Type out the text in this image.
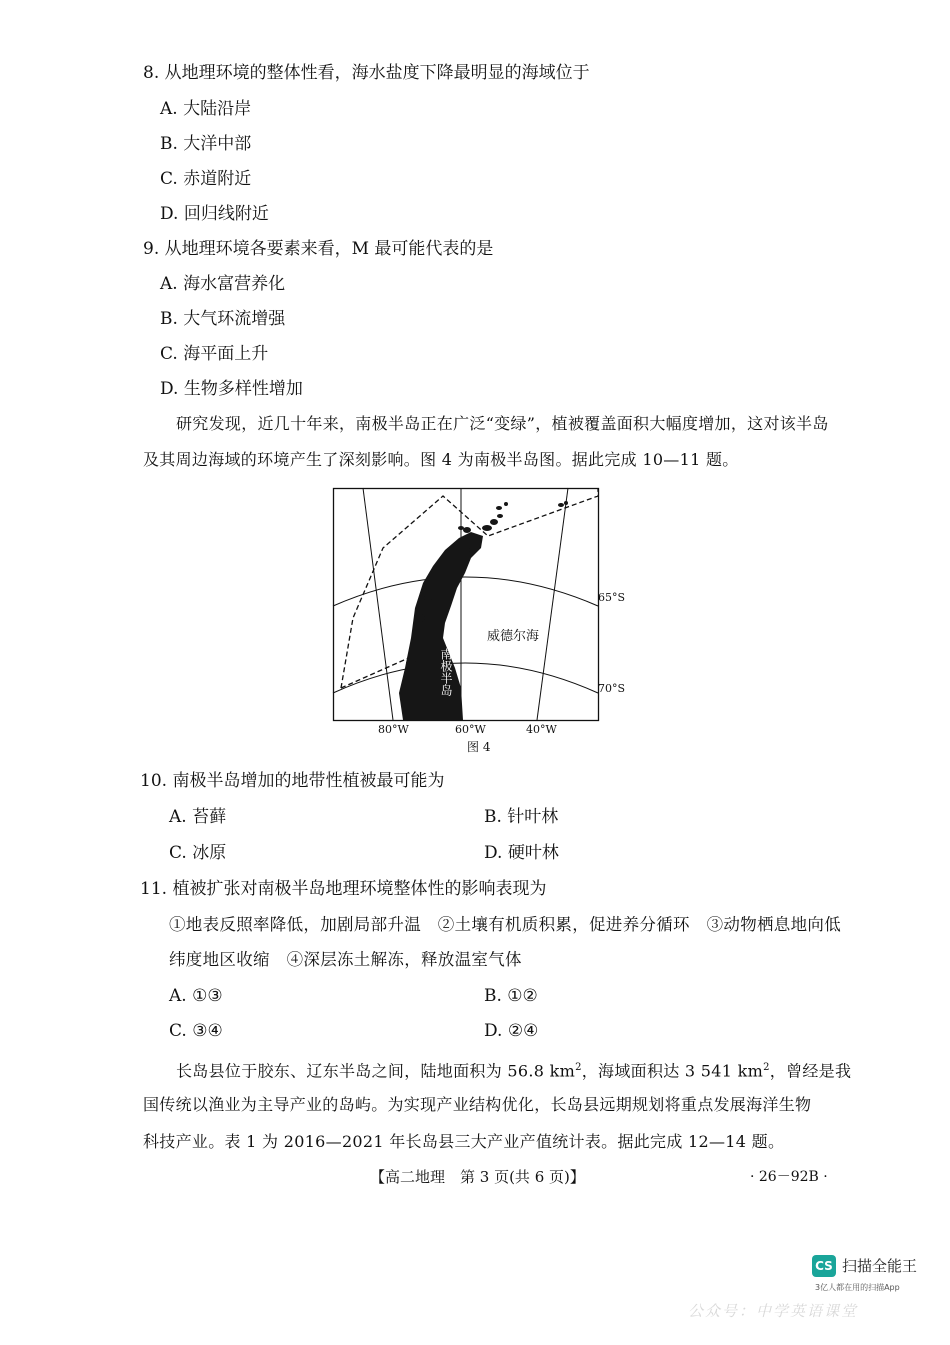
8. 从地理环境的整体性看，海水盐度下降最明显的海域位于
A. 大陆沿岸
B. 大洋中部
C. 赤道附近
D. 回归线附近
9. 从地理环境各要素来看，M 最可能代表的是
A. 海水富营养化
B. 大气环流增强
C. 海平面上升
D. 生物多样性增加
研究发现，近几十年来，南极半岛正在广泛“变绿”，植被覆盖面积大幅度增加，这对该半岛
及其周边海域的环境产生了深刻影响。图 4 为南极半岛图。据此完成 10—11 题。
南极半岛
威德尔海
65°S
70°S
80°W	60°W	40°W
图 4
10. 南极半岛增加的地带性植被最可能为
A. 苔藓	B. 针叶林
C. 冰原	D. 硬叶林
11. 植被扩张对南极半岛地理环境整体性的影响表现为
①地表反照率降低，加剧局部升温　②土壤有机质积累，促进养分循环　③动物栖息地向低
纬度地区收缩　④深层冻土解冻，释放温室气体
A. ①③	B. ①②
C. ③④	D. ②④
长岛县位于胶东、辽东半岛之间，陆地面积为 56.8 $km^2$，海域面积达 3 541 $km^2$，曾经是我
国传统以渔业为主导产业的岛屿。为实现产业结构优化，长岛县远期规划将重点发展海洋生物
科技产业。表 1 为 2016—2021 年长岛县三大产业产值统计表。据此完成 12—14 题。
【高二地理　第 3 页(共 6 页)】	· 26－92B ·
CS 扫描全能王
3亿人都在用的扫描App
公众号：中学英语课堂
